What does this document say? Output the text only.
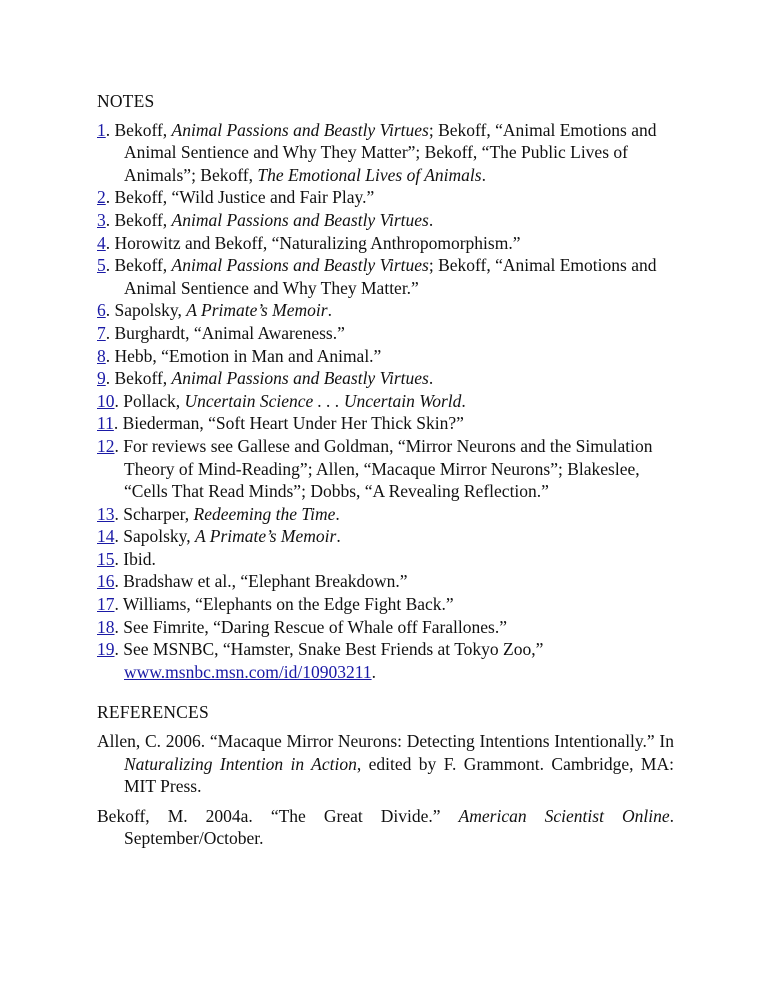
NOTES
1. Bekoff, Animal Passions and Beastly Virtues; Bekoff, “Animal Emotions and Animal Sentience and Why They Matter”; Bekoff, “The Public Lives of Animals”; Bekoff, The Emotional Lives of Animals.
2. Bekoff, “Wild Justice and Fair Play.”
3. Bekoff, Animal Passions and Beastly Virtues.
4. Horowitz and Bekoff, “Naturalizing Anthropomorphism.”
5. Bekoff, Animal Passions and Beastly Virtues; Bekoff, “Animal Emotions and Animal Sentience and Why They Matter.”
6. Sapolsky, A Primate’s Memoir.
7. Burghardt, “Animal Awareness.”
8. Hebb, “Emotion in Man and Animal.”
9. Bekoff, Animal Passions and Beastly Virtues.
10. Pollack, Uncertain Science . . . Uncertain World.
11. Biederman, “Soft Heart Under Her Thick Skin?”
12. For reviews see Gallese and Goldman, “Mirror Neurons and the Simulation Theory of Mind-Reading”; Allen, “Macaque Mirror Neurons”; Blakeslee, “Cells That Read Minds”; Dobbs, “A Revealing Reflection.”
13. Scharper, Redeeming the Time.
14. Sapolsky, A Primate’s Memoir.
15. Ibid.
16. Bradshaw et al., “Elephant Breakdown.”
17. Williams, “Elephants on the Edge Fight Back.”
18. See Fimrite, “Daring Rescue of Whale off Farallones.”
19. See MSNBC, “Hamster, Snake Best Friends at Tokyo Zoo,” www.msnbc.msn.com/id/10903211.
REFERENCES

Allen, C. 2006. “Macaque Mirror Neurons: Detecting Intentions Intentionally.” In Naturalizing Intention in Action, edited by F. Grammont. Cambridge, MA: MIT Press.

Bekoff, M. 2004a. “The Great Divide.” American Scientist Online. September/October.
